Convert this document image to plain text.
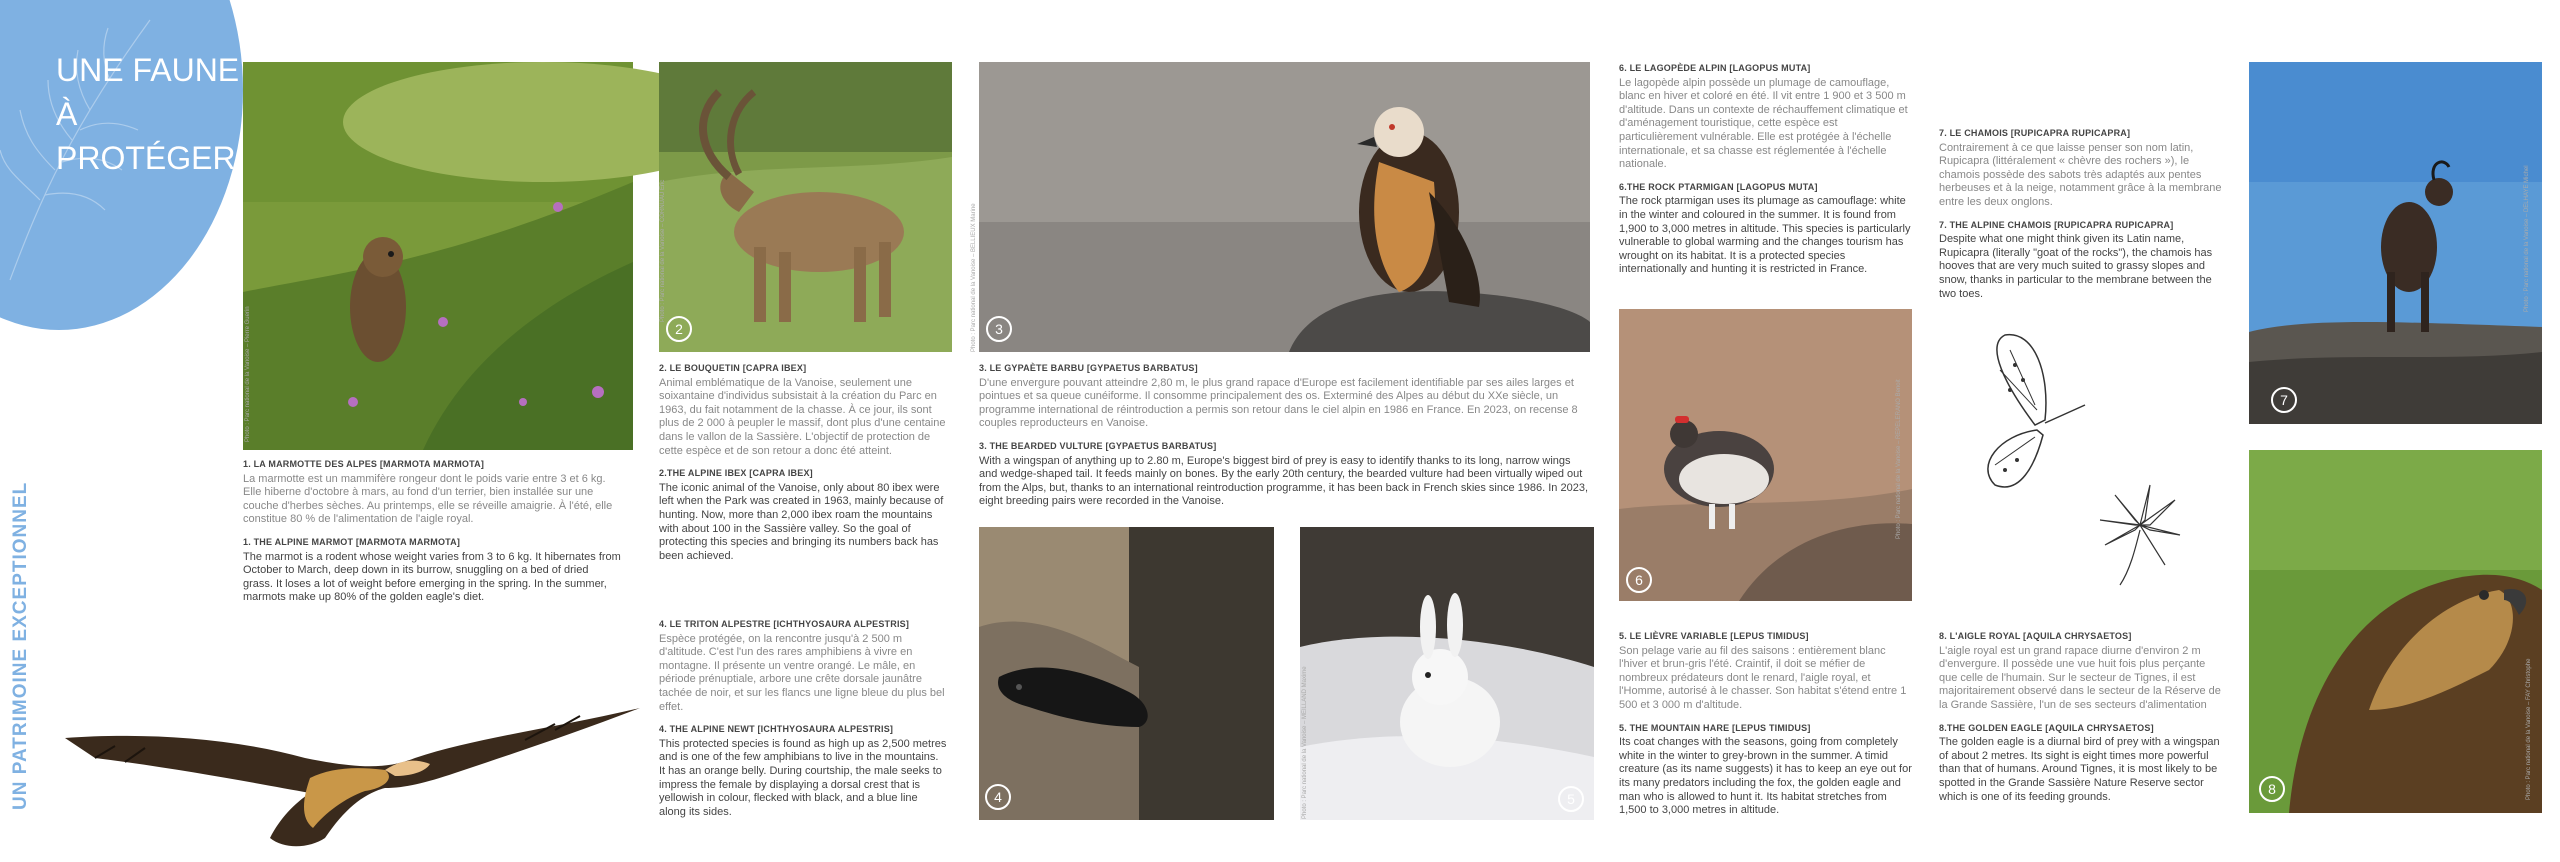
UNE FAUNE
À
PROTÉGER
UN PATRIMOINE EXCEPTIONNEL
Photo : Parc national de la Vanoise – Pierre Guerin	2
Photo : Parc national de la Vanoise – CORNUAU Eric
3
Photo : Parc national de la Vanoise – BELLIEUX Marine
4	5
Photo : Parc national de la Vanoise – MEILLAND Maxime
6
Photo : Parc national de la Vanoise – REPELERANO Benoit	7
Photo : Parc national de la Vanoise – DELHAYE Michel
8	Photo : Parc national de la Vanoise – FAY Christophe
1. LA MARMOTTE DES ALPES [MARMOTA MARMOTA]

La marmotte est un mammifère rongeur dont le poids varie entre 3 et 6 kg. Elle hiberne d'octobre à mars, au fond d'un terrier, bien installée sur une couche d'herbes sèches. Au printemps, elle se réveille amaigrie. À l'été, elle constitue 80 % de l'alimentation de l'aigle royal.

1. THE ALPINE MARMOT [MARMOTA MARMOTA]

The marmot is a rodent whose weight varies from 3 to 6 kg. It hibernates from October to March, deep down in its burrow, snuggling on a bed of dried grass. It loses a lot of weight before emerging in the spring. In the summer, marmots make up 80% of the golden eagle's diet.

2. LE BOUQUETIN [CAPRA IBEX]

Animal emblématique de la Vanoise, seulement une soixantaine d'individus subsistait à la création du Parc en 1963, du fait notamment de la chasse. À ce jour, ils sont plus de 2 000 à peupler le massif, dont plus d'une centaine dans le vallon de la Sassière. L'objectif de protection de cette espèce et de son retour a donc été atteint.

2.THE ALPINE IBEX [CAPRA IBEX]

The iconic animal of the Vanoise, only about 80 ibex were left when the Park was created in 1963, mainly because of hunting. Now, more than 2,000 ibex roam the mountains with about 100 in the Sassière valley. So the goal of protecting this species and bringing its numbers back has been achieved.

3. LE GYPAÈTE BARBU [GYPAETUS BARBATUS]

D'une envergure pouvant atteindre 2,80 m, le plus grand rapace d'Europe est facilement identifiable par ses ailes larges et pointues et sa queue cunéiforme. Il consomme principalement des os. Exterminé des Alpes au début du XXe siècle, un programme international de réintroduction a permis son retour dans le ciel alpin en 1986 en France. En 2023, on recense 8 couples reproducteurs en Vanoise.

3. THE BEARDED VULTURE [GYPAETUS BARBATUS]

With a wingspan of anything up to 2.80 m, Europe's biggest bird of prey is easy to identify thanks to its long, narrow wings and wedge-shaped tail. It feeds mainly on bones. By the early 20th century, the bearded vulture had been virtually wiped out from the Alps, but, thanks to an international reintroduction programme, it has been back in French skies since 1986. In 2023, eight breeding pairs were recorded in the Vanoise.

4. LE TRITON ALPESTRE [ICHTHYOSAURA ALPESTRIS]

Espèce protégée, on la rencontre jusqu'à 2 500 m d'altitude. C'est l'un des rares amphibiens à vivre en montagne. Il présente un ventre orangé. Le mâle, en période prénuptiale, arbore une crête dorsale jaunâtre tachée de noir, et sur les flancs une ligne bleue du plus bel effet.

4. THE ALPINE NEWT [ICHTHYOSAURA ALPESTRIS]

This protected species is found as high up as 2,500 metres and is one of the few amphibians to live in the mountains. It has an orange belly. During courtship, the male seeks to impress the female by displaying a dorsal crest that is yellowish in colour, flecked with black, and a blue line along its sides.

6. LE LAGOPÈDE ALPIN [LAGOPUS MUTA]

Le lagopède alpin possède un plumage de camouflage, blanc en hiver et coloré en été. Il vit entre 1 900 et 3 500 m d'altitude. Dans un contexte de réchauffement climatique et d'aménagement touristique, cette espèce est particulièrement vulnérable. Elle est protégée à l'échelle internationale, et sa chasse est réglementée à l'échelle nationale.

6.THE ROCK PTARMIGAN [LAGOPUS MUTA]

The rock ptarmigan uses its plumage as camouflage: white in the winter and coloured in the summer. It is found from 1,900 to 3,000 metres in altitude. This species is particularly vulnerable to global warming and the changes tourism has wrought on its habitat. It is a protected species internationally and hunting it is restricted in France.

5. LE LIÈVRE VARIABLE [LEPUS TIMIDUS]

Son pelage varie au fil des saisons : entièrement blanc l'hiver et brun-gris l'été. Craintif, il doit se méfier de nombreux prédateurs dont le renard, l'aigle royal, et l'Homme, autorisé à le chasser. Son habitat s'étend entre 1 500 et 3 000 m d'altitude.

5. THE MOUNTAIN HARE [LEPUS TIMIDUS]

Its coat changes with the seasons, going from completely white in the winter to grey-brown in the summer. A timid creature (as its name suggests) it has to keep an eye out for its many predators including the fox, the golden eagle and man who is allowed to hunt it. Its habitat stretches from 1,500 to 3,000 metres in altitude.

7. LE CHAMOIS [RUPICAPRA RUPICAPRA]

Contrairement à ce que laisse penser son nom latin, Rupicapra (littéralement « chèvre des rochers »), le chamois possède des sabots très adaptés aux pentes herbeuses et à la neige, notamment grâce à la membrane entre les deux onglons.

7. THE ALPINE CHAMOIS [RUPICAPRA RUPICAPRA]

Despite what one might think given its Latin name, Rupicapra (literally "goat of the rocks"), the chamois has hooves that are very much suited to grassy slopes and snow, thanks in particular to the membrane between the two toes.

8. L'AIGLE ROYAL [AQUILA CHRYSAETOS]

L'aigle royal est un grand rapace diurne d'environ 2 m d'envergure. Il possède une vue huit fois plus perçante que celle de l'humain. Sur le secteur de Tignes, il est majoritairement observé dans le secteur de la Réserve de la Grande Sassière, l'un de ses secteurs d'alimentation

8.THE GOLDEN EAGLE [AQUILA CHRYSAETOS]

The golden eagle is a diurnal bird of prey with a wingspan of about 2 metres. Its sight is eight times more powerful than that of humans. Around Tignes, it is most likely to be spotted in the Grande Sassière Nature Reserve sector which is one of its feeding grounds.
